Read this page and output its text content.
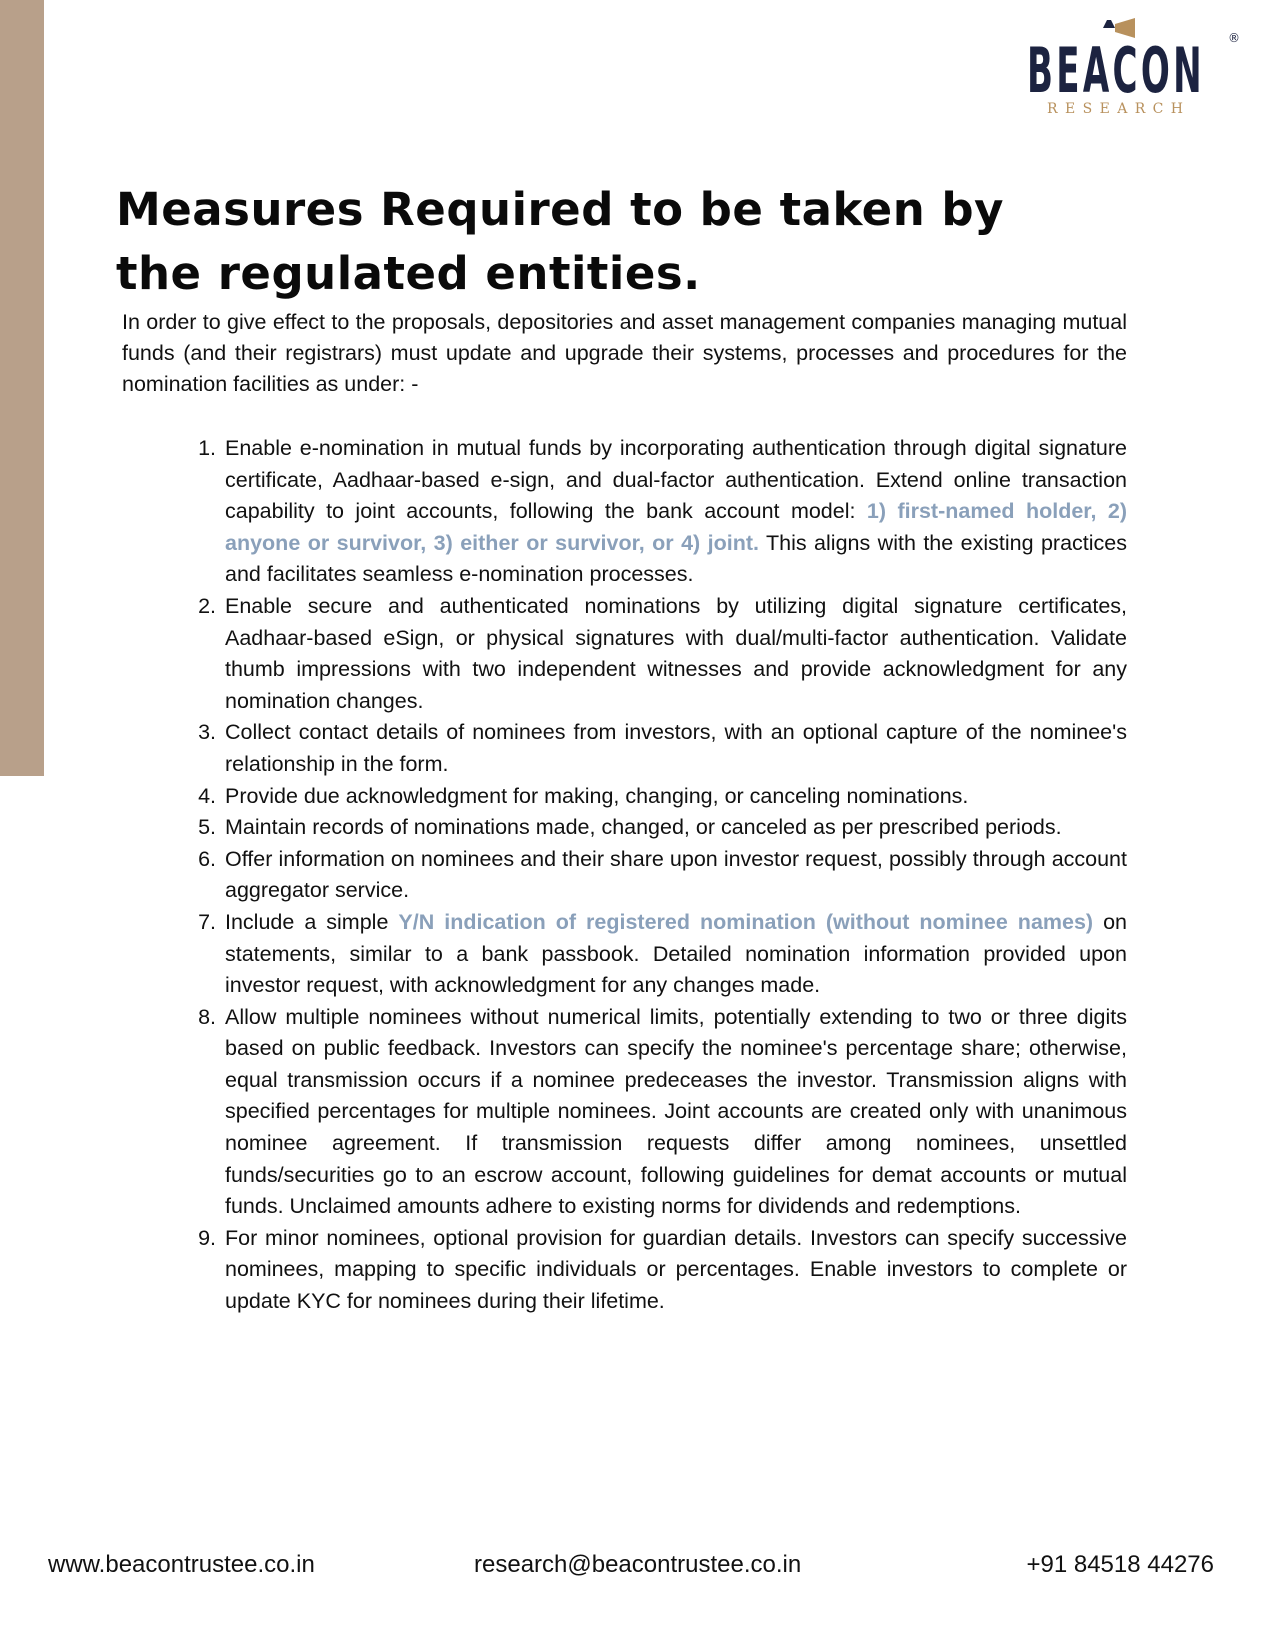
BEACON ®
RESEARCH
Measures Required to be taken by the regulated entities.

In order to give effect to the proposals, depositories and asset management companies managing mutual funds (and their registrars) must update and upgrade their systems, processes and procedures for the nomination facilities as under: -

1. Enable e-nomination in mutual funds by incorporating authentication through digital signature certificate, Aadhaar-based e-sign, and dual-factor authentication. Extend online transaction capability to joint accounts, following the bank account model: 1) first-named holder, 2) anyone or survivor, 3) either or survivor, or 4) joint. This aligns with the existing practices and facilitates seamless e-nomination processes.
2. Enable secure and authenticated nominations by utilizing digital signature certificates, Aadhaar-based eSign, or physical signatures with dual/multi-factor authentication. Validate thumb impressions with two independent witnesses and provide acknowledgment for any nomination changes.
3. Collect contact details of nominees from investors, with an optional capture of the nominee's relationship in the form.
4. Provide due acknowledgment for making, changing, or canceling nominations.
5. Maintain records of nominations made, changed, or canceled as per prescribed periods.
6. Offer information on nominees and their share upon investor request, possibly through account aggregator service.
7. Include a simple Y/N indication of registered nomination (without nominee names) on statements, similar to a bank passbook. Detailed nomination information provided upon investor request, with acknowledgment for any changes made.
8. Allow multiple nominees without numerical limits, potentially extending to two or three digits based on public feedback. Investors can specify the nominee's percentage share; otherwise, equal transmission occurs if a nominee predeceases the investor. Transmission aligns with specified percentages for multiple nominees. Joint accounts are created only with unanimous nominee agreement. If transmission requests differ among nominees, unsettled funds/securities go to an escrow account, following guidelines for demat accounts or mutual funds. Unclaimed amounts adhere to existing norms for dividends and redemptions.
9. For minor nominees, optional provision for guardian details. Investors can specify successive nominees, mapping to specific individuals or percentages. Enable investors to complete or update KYC for nominees during their lifetime.
www.beacontrustee.co.in	research@beacontrustee.co.in	+91 84518 44276
